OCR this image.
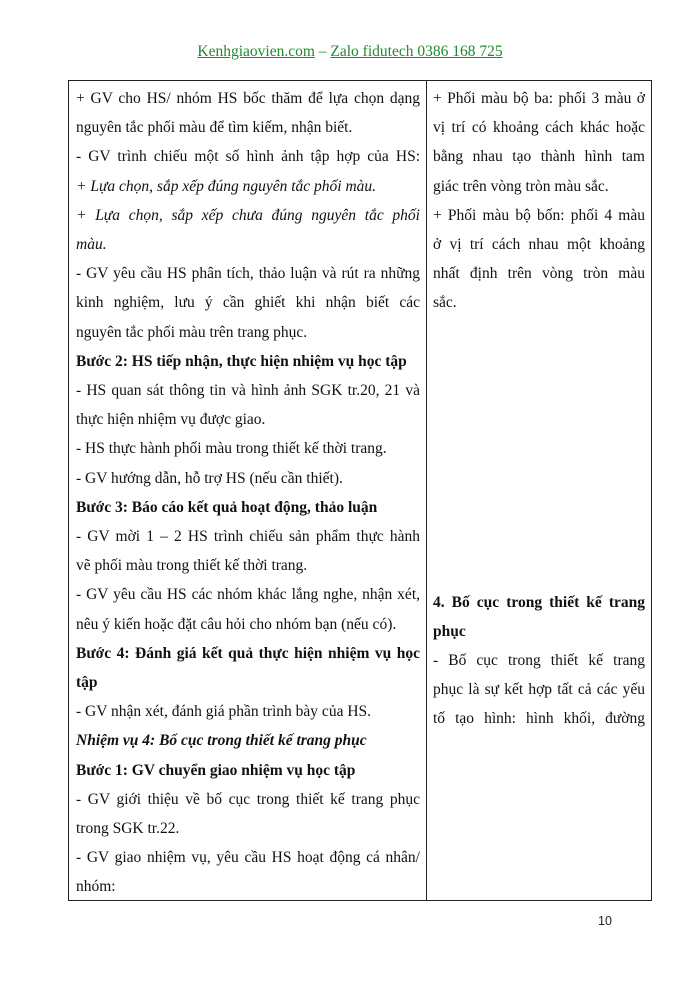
Kenhgiaovien.com – Zalo fidutech 0386 168 725
+ GV cho HS/ nhóm HS bốc thăm để lựa chọn dạng
nguyên tắc phối màu để tìm kiếm, nhận biết.
- GV trình chiếu một số hình ảnh tập hợp của HS:
+ Lựa chọn, sắp xếp đúng nguyên tắc phối màu.
+ Lựa chọn, sắp xếp chưa đúng nguyên tắc phối
màu.
- GV yêu cầu HS phân tích, thảo luận và rút ra những
kinh nghiệm, lưu ý cần ghiết khi nhận biết các
nguyên tắc phối màu trên trang phục.
Bước 2: HS tiếp nhận, thực hiện nhiệm vụ học tập
- HS quan sát thông tin và hình ảnh SGK tr.20, 21 và
thực hiện nhiệm vụ được giao.
- HS thực hành phối màu trong thiết kế thời trang.
- GV hướng dẫn, hỗ trợ HS (nếu cần thiết).
Bước 3: Báo cáo kết quả hoạt động, thảo luận
- GV mời 1 – 2 HS trình chiếu sản phẩm thực hành
vẽ phối màu trong thiết kế thời trang.
- GV yêu cầu HS các nhóm khác lắng nghe, nhận xét,
nêu ý kiến hoặc đặt câu hỏi cho nhóm bạn (nếu có).
Bước 4: Đánh giá kết quả thực hiện nhiệm vụ học
tập
- GV nhận xét, đánh giá phần trình bày của HS.
Nhiệm vụ 4: Bố cục trong thiết kế trang phục
Bước 1: GV chuyển giao nhiệm vụ học tập
- GV giới thiệu về bố cục trong thiết kế trang phục
trong SGK tr.22.
- GV giao nhiệm vụ, yêu cầu HS hoạt động cá nhân/
nhóm:
+ Phối màu bộ ba: phối 3 màu ở
vị trí có khoảng cách khác hoặc
bằng nhau tạo thành hình tam
giác trên vòng tròn màu sắc.
+ Phối màu bộ bốn: phối 4 màu
ở vị trí cách nhau một khoảng
nhất định trên vòng tròn màu
sắc.
4. Bố cục trong thiết kế trang
phục
- Bố cục trong thiết kế trang
phục là sự kết hợp tất cả các yếu
tố tạo hình: hình khối, đường
10
